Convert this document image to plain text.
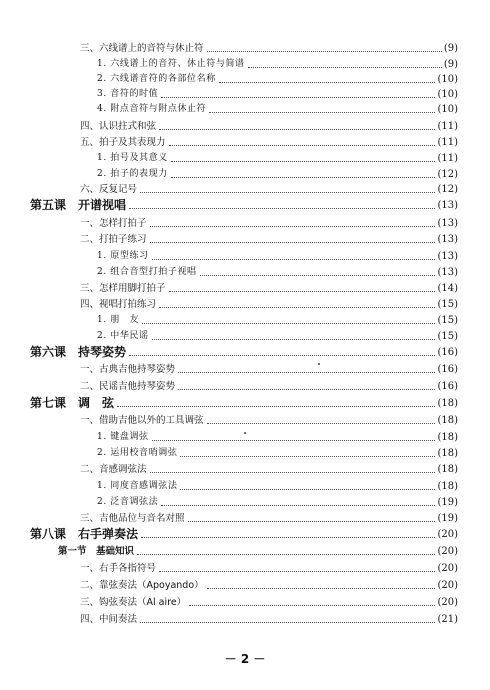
三、六线谱上的音符与休止符	(9)
1. 六线谱上的音符、休止符与简谱	(9)
2. 六线谱音符的各部位名称	(10)
3. 音符的时值	(10)
4. 附点音符与附点休止符	(10)
四、认识拄式和弦	(11)
五、拍子及其表现力	(11)
1. 拍号及其意义	(11)
2. 拍子的表现力	(12)
六、反复记号	(12)
第五课　开谱视唱	(13)
一、怎样打拍子	(13)
二、打拍子练习	(13)
1. 原型练习	(13)
2. 组合音型打拍子视唱	(13)
三、怎样用脚打拍子	(14)
四、视唱打拍练习	(15)
1. 朋　友	(15)
2. 中华民谣	(15)
第六课　持琴姿势	(16)
一、古典吉他持琴姿势	(16)
二、民谣吉他持琴姿势	(16)
第七课　调　弦	(18)
一、借助吉他以外的工具调弦	(18)
1. 键盘调弦	(18)
2. 运用校音哨调弦	(18)
二、音感调弦法	(18)
1. 同度音感调弦法	(18)
2. 泛音调弦法	(19)
三、吉他品位与音名对照	(19)
第八课　右手弹奏法	(20)
第一节　基础知识	(20)
一、右手各指符号	(20)
二、靠弦奏法（Apoyando）	(20)
三、钩弦奏法（Al aire）	(20)
四、中间奏法	(21)
－ 2 －
